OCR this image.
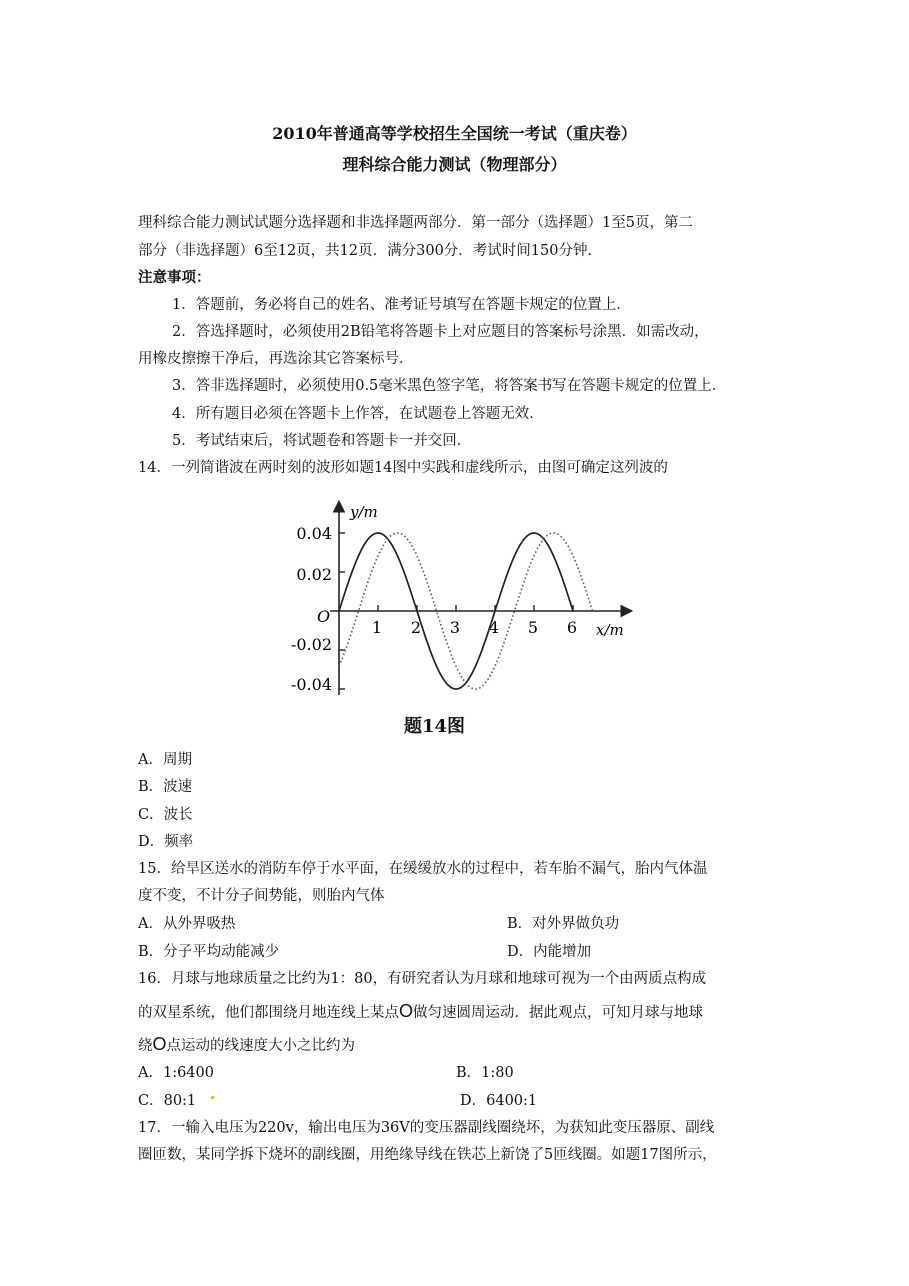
2010年普通高等学校招生全国统一考试（重庆卷）
理科综合能力测试（物理部分）
理科综合能力测试试题分选择题和非选择题两部分．第一部分（选择题）1至5页，第二
部分（非选择题）6至12页，共12页．满分300分．考试时间150分钟．
注意事项：
1．答题前，务必将自己的姓名、准考证号填写在答题卡规定的位置上．
2．答选择题时，必须使用2B铅笔将答题卡上对应题目的答案标号涂黑．如需改动，
用橡皮擦擦干净后，再选涂其它答案标号．
3．答非选择题时，必须使用0.5毫米黑色签字笔，将答案书写在答题卡规定的位置上．
4．所有题目必须在答题卡上作答，在试题卷上答题无效．
5．考试结束后，将试题卷和答题卡一并交回．
14．一列简谐波在两时刻的波形如题14图中实践和虚线所示，由图可确定这列波的
y/m
x/m
O
0.04
0.02
-0.02
-0.04
1 2 3 4 5 6
题14图
A．周期
B．波速
C．波长
D．频率
15．给旱区送水的消防车停于水平面，在缓缓放水的过程中，若车胎不漏气，胎内气体温
度不变，不计分子间势能，则胎内气体
A．从外界吸热	B．对外界做负功
B．分子平均动能减少	D．内能增加
16．月球与地球质量之比约为1：80，有研究者认为月球和地球可视为一个由两质点构成
的双星系统，他们都围绕月地连线上某点O做匀速圆周运动．据此观点，可知月球与地球
绕O点运动的线速度大小之比约为
A．1:6400	B．1:80
C．80:1	D．6400:1
17．一输入电压为220v，输出电压为36V的变压器副线圈绕坏，为获知此变压器原、副线
圈匝数，某同学拆下烧坏的副线圈，用绝缘导线在铁芯上新饶了5匝线圈。如题17图所示，
